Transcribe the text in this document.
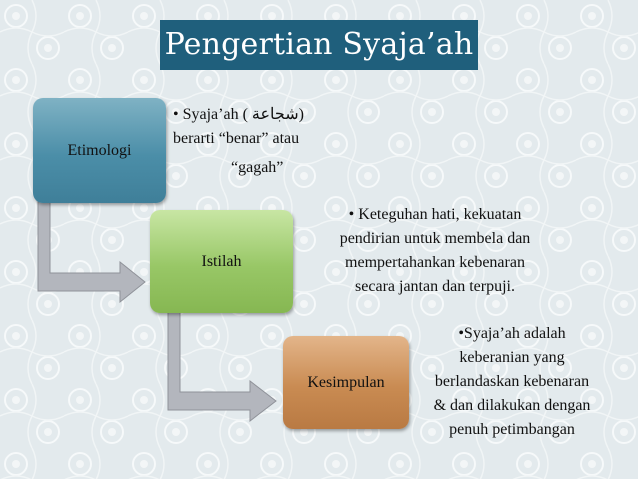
Pengertian Syaja’ah
Etimologi
Istilah
Kesimpulan
• Syaja’ah ( شجاعة)
berarti “benar” atau
“gagah”
• Keteguhan hati, kekuatan
pendirian untuk membela dan
mempertahankan kebenaran
secara jantan dan terpuji.
•Syaja’ah adalah
keberanian yang
berlandaskan kebenaran
& dan dilakukan dengan
penuh petimbangan
